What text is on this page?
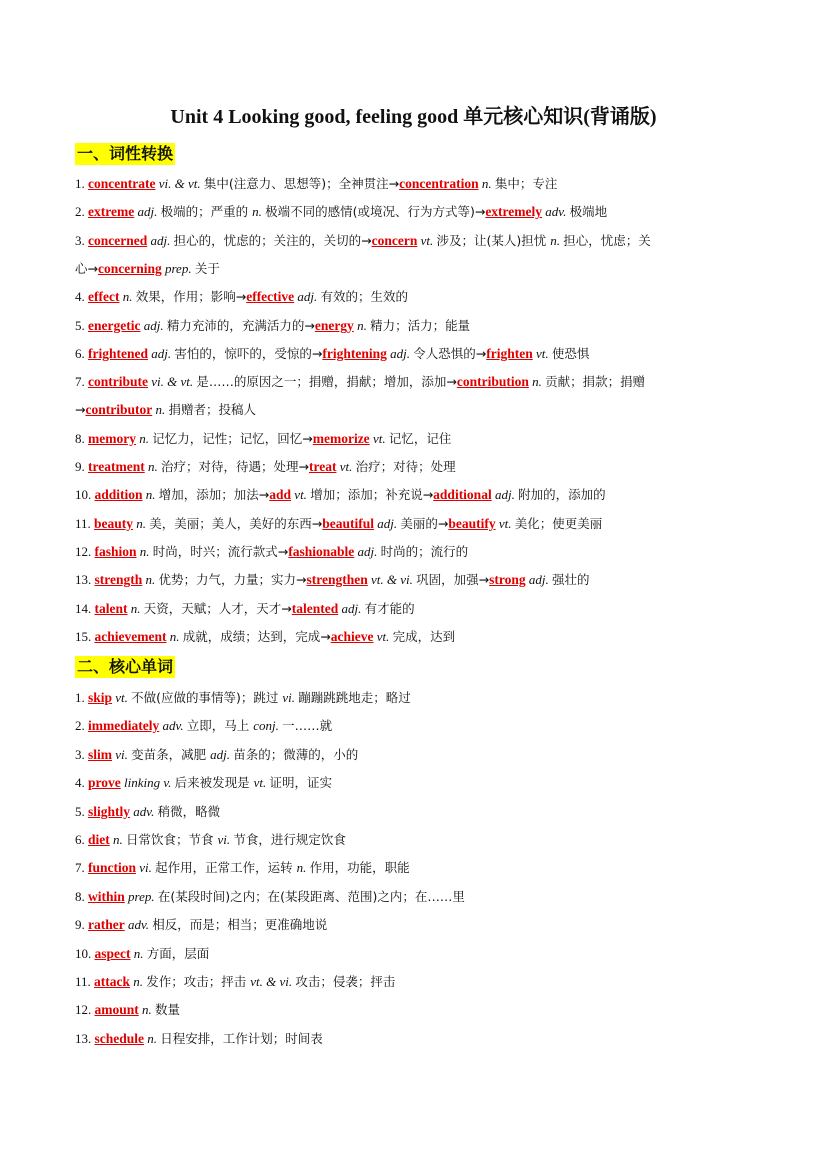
Unit 4 Looking good, feeling good 单元核心知识(背诵版)
一、词性转换
1. concentrate vi. & vt. 集中(注意力、思想等)；全神贯注→concentration n. 集中；专注
2. extreme adj. 极端的；严重的 n. 极端不同的感情(或境况、行为方式等)→extremely adv. 极端地
3. concerned adj. 担心的，忧虑的；关注的，关切的→concern vt. 涉及；让(某人)担忧 n. 担心，忧虑；关
心→concerning prep. 关于
4. effect n. 效果，作用；影响→effective adj. 有效的；生效的
5. energetic adj. 精力充沛的，充满活力的→energy n. 精力；活力；能量
6. frightened adj. 害怕的，惊吓的，受惊的→frightening adj. 令人恐惧的→frighten vt. 使恐惧
7. contribute vi. & vt. 是……的原因之一；捐赠，捐献；增加，添加→contribution n. 贡献；捐款；捐赠
→contributor n. 捐赠者；投稿人
8. memory n. 记忆力，记性；记忆，回忆→memorize vt. 记忆，记住
9. treatment n. 治疗；对待，待遇；处理→treat vt. 治疗；对待；处理
10. addition n. 增加，添加；加法→add vt. 增加；添加；补充说→additional adj. 附加的，添加的
11. beauty n. 美，美丽；美人，美好的东西→beautiful adj. 美丽的→beautify vt. 美化；使更美丽
12. fashion n. 时尚，时兴；流行款式→fashionable adj. 时尚的；流行的
13. strength n. 优势；力气，力量；实力→strengthen vt. & vi. 巩固，加强→strong adj. 强壮的
14. talent n. 天资，天赋；人才，天才→talented adj. 有才能的
15. achievement n. 成就，成绩；达到，完成→achieve vt. 完成，达到
二、核心单词
1. skip vt. 不做(应做的事情等)；跳过 vi. 蹦蹦跳跳地走；略过
2. immediately adv. 立即，马上 conj. 一……就
3. slim vi. 变苗条，减肥 adj. 苗条的；微薄的，小的
4. prove linking v. 后来被发现是 vt. 证明，证实
5. slightly adv. 稍微，略微
6. diet n. 日常饮食；节食 vi. 节食，进行规定饮食
7. function vi. 起作用，正常工作，运转 n. 作用，功能，职能
8. within prep. 在(某段时间)之内；在(某段距离、范围)之内；在……里
9. rather adv. 相反，而是；相当；更准确地说
10. aspect n. 方面，层面
11. attack n. 发作；攻击；抨击 vt. & vi. 攻击；侵袭；抨击
12. amount n. 数量
13. schedule n. 日程安排，工作计划；时间表
